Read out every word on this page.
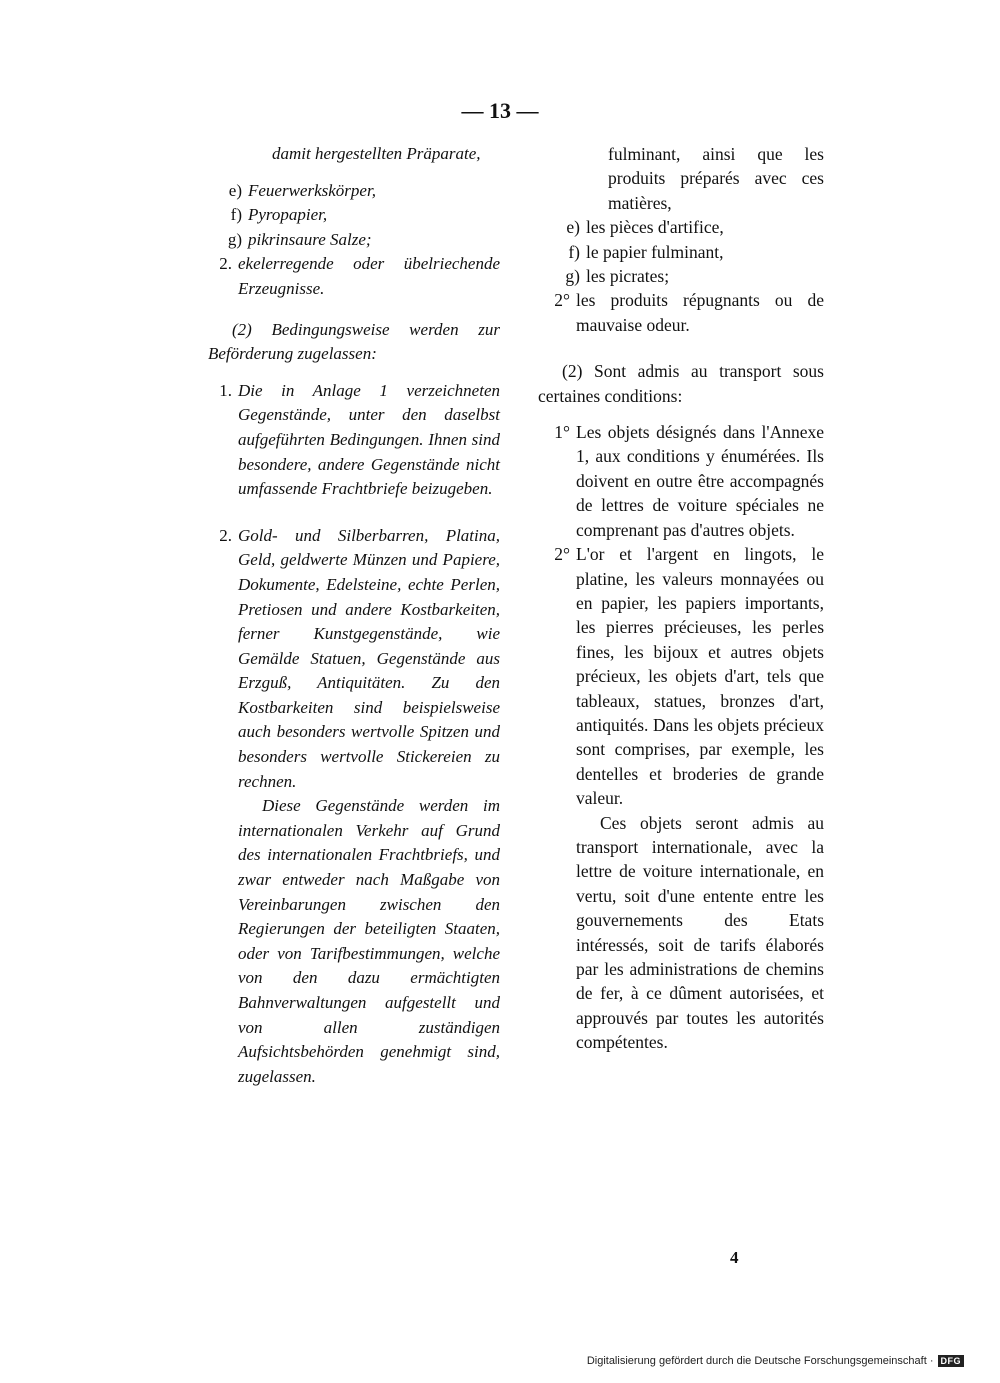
— 13 —

damit hergestellten Präparate,

e) Feuerwerkskörper,
f) Pyropapier,
g) pikrinsaure Salze;
2. ekelerregende oder übelriechende Erzeugnisse.

(2) Bedingungsweise werden zur Beförderung zugelassen:

1. Die in Anlage 1 verzeichneten Gegenstände, unter den daselbst aufgeführten Bedingungen. Ihnen sind besondere, andere Gegenstände nicht umfassende Frachtbriefe beizugeben.
2. Gold- und Silberbarren, Platina, Geld, geldwerte Münzen und Papiere, Dokumente, Edelsteine, echte Perlen, Pretiosen und andere Kostbarkeiten, ferner Kunstgegenstände, wie Gemälde Statuen, Gegenstände aus Erzguß, Antiquitäten. Zu den Kostbarkeiten sind beispielsweise auch besonders wertvolle Spitzen und besonders wertvolle Stickereien zu rechnen.
Diese Gegenstände werden im internationalen Verkehr auf Grund des internationalen Frachtbriefs, und zwar entweder nach Maßgabe von Vereinbarungen zwischen den Regierungen der beteiligten Staaten, oder von Tarifbestimmungen, welche von den dazu ermächtigten Bahnverwaltungen aufgestellt und von allen zuständigen Aufsichtsbehörden genehmigt sind, zugelassen.

fulminant, ainsi que les produits préparés avec ces matières,

e) les pièces d'artifice,
f) le papier fulminant,
g) les picrates;
2° les produits répugnants ou de mauvaise odeur.

(2) Sont admis au transport sous certaines conditions:

1° Les objets désignés dans l'Annexe 1, aux conditions y énumérées. Ils doivent en outre être accompagnés de lettres de voiture spéciales ne comprenant pas d'autres objets.
2° L'or et l'argent en lingots, le platine, les valeurs monnayées ou en papier, les papiers importants, les pierres précieuses, les perles fines, les bijoux et autres objets précieux, les objets d'art, tels que tableaux, statues, bronzes d'art, antiquités. Dans les objets précieux sont comprises, par exemple, les dentelles et broderies de grande valeur.
Ces objets seront admis au transport internationale, avec la lettre de voiture internationale, en vertu, soit d'une entente entre les gouvernements des Etats intéressés, soit de tarifs élaborés par les administrations de chemins de fer, à ce dûment autorisées, et approuvés par toutes les autorités compétentes.
4
Digitalisierung gefördert durch die Deutsche Forschungsgemeinschaft · DFG
